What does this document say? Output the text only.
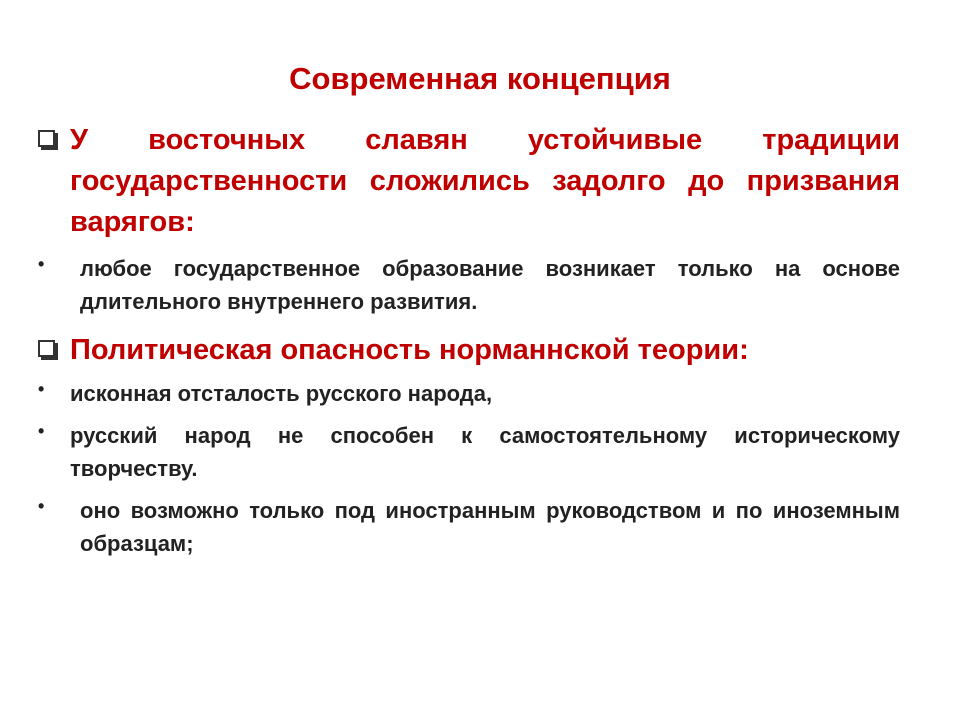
Современная концепция
У восточных славян устойчивые традиции государственности сложились задолго до призвания варягов:
•	любое государственное образование возникает только на основе длительного внутреннего развития.
Политическая опасность норманнской теории:
• исконная отсталость русского народа,
• русский народ не способен к самостоятельному историческому творчеству.
•	оно возможно только под иностранным руководством и по иноземным образцам;
